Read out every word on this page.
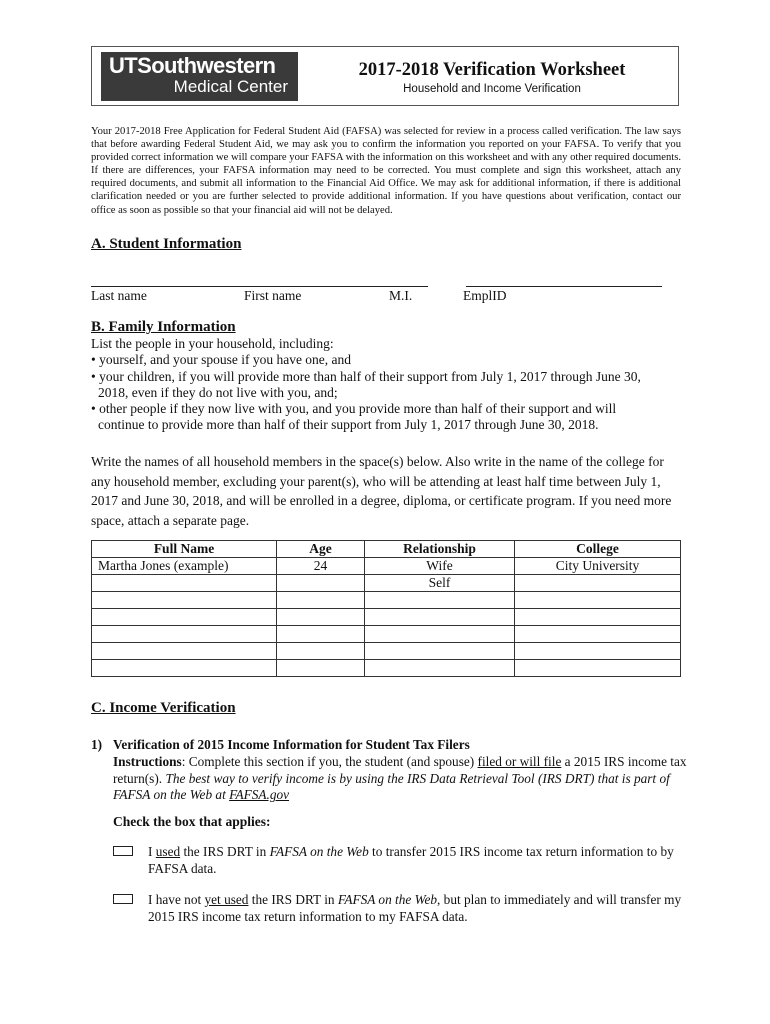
UTSouthwestern
Medical Center
2017-2018 Verification Worksheet
Household and Income Verification
Your 2017-2018 Free Application for Federal Student Aid (FAFSA) was selected for review in a process called verification. The law says that before awarding Federal Student Aid, we may ask you to confirm the information you reported on your FAFSA. To verify that you provided correct information we will compare your FAFSA with the information on this worksheet and with any other required documents. If there are differences, your FAFSA information may need to be corrected. You must complete and sign this worksheet, attach any required documents, and submit all information to the Financial Aid Office. We may ask for additional information, if there is additional clarification needed or you are further selected to provide additional information. If you have questions about verification, contact our office as soon as possible so that your financial aid will not be delayed.
A. Student Information
Last name	First name	M.I.	EmplID
B. Family Information
List the people in your household, including:
• yourself, and your spouse if you have one, and
• your children, if you will provide more than half of their support from July 1, 2017 through June 30,
2018, even if they do not live with you, and;
• other people if they now live with you, and you provide more than half of their support and will
continue to provide more than half of their support from July 1, 2017 through June 30, 2018.
Write the names of all household members in the space(s) below. Also write in the name of the college for any household member, excluding your parent(s), who will be attending at least half time between July 1, 2017 and June 30, 2018, and will be enrolled in a degree, diploma, or certificate program. If you need more space, attach a separate page.
Full Name	Age	Relationship	College
Martha Jones (example)	24	Wife	City University
		Self	

C. Income Verification
1) Verification of 2015 Income Information for Student Tax Filers
Instructions: Complete this section if you, the student (and spouse) filed or will file a 2015 IRS income tax return(s). The best way to verify income is by using the IRS Data Retrieval Tool (IRS DRT) that is part of FAFSA on the Web at FAFSA.gov
Check the box that applies:
I used the IRS DRT in FAFSA on the Web to transfer 2015 IRS income tax return information to by FAFSA data.
I have not yet used the IRS DRT in FAFSA on the Web, but plan to immediately and will transfer my 2015 IRS income tax return information to my FAFSA data.
